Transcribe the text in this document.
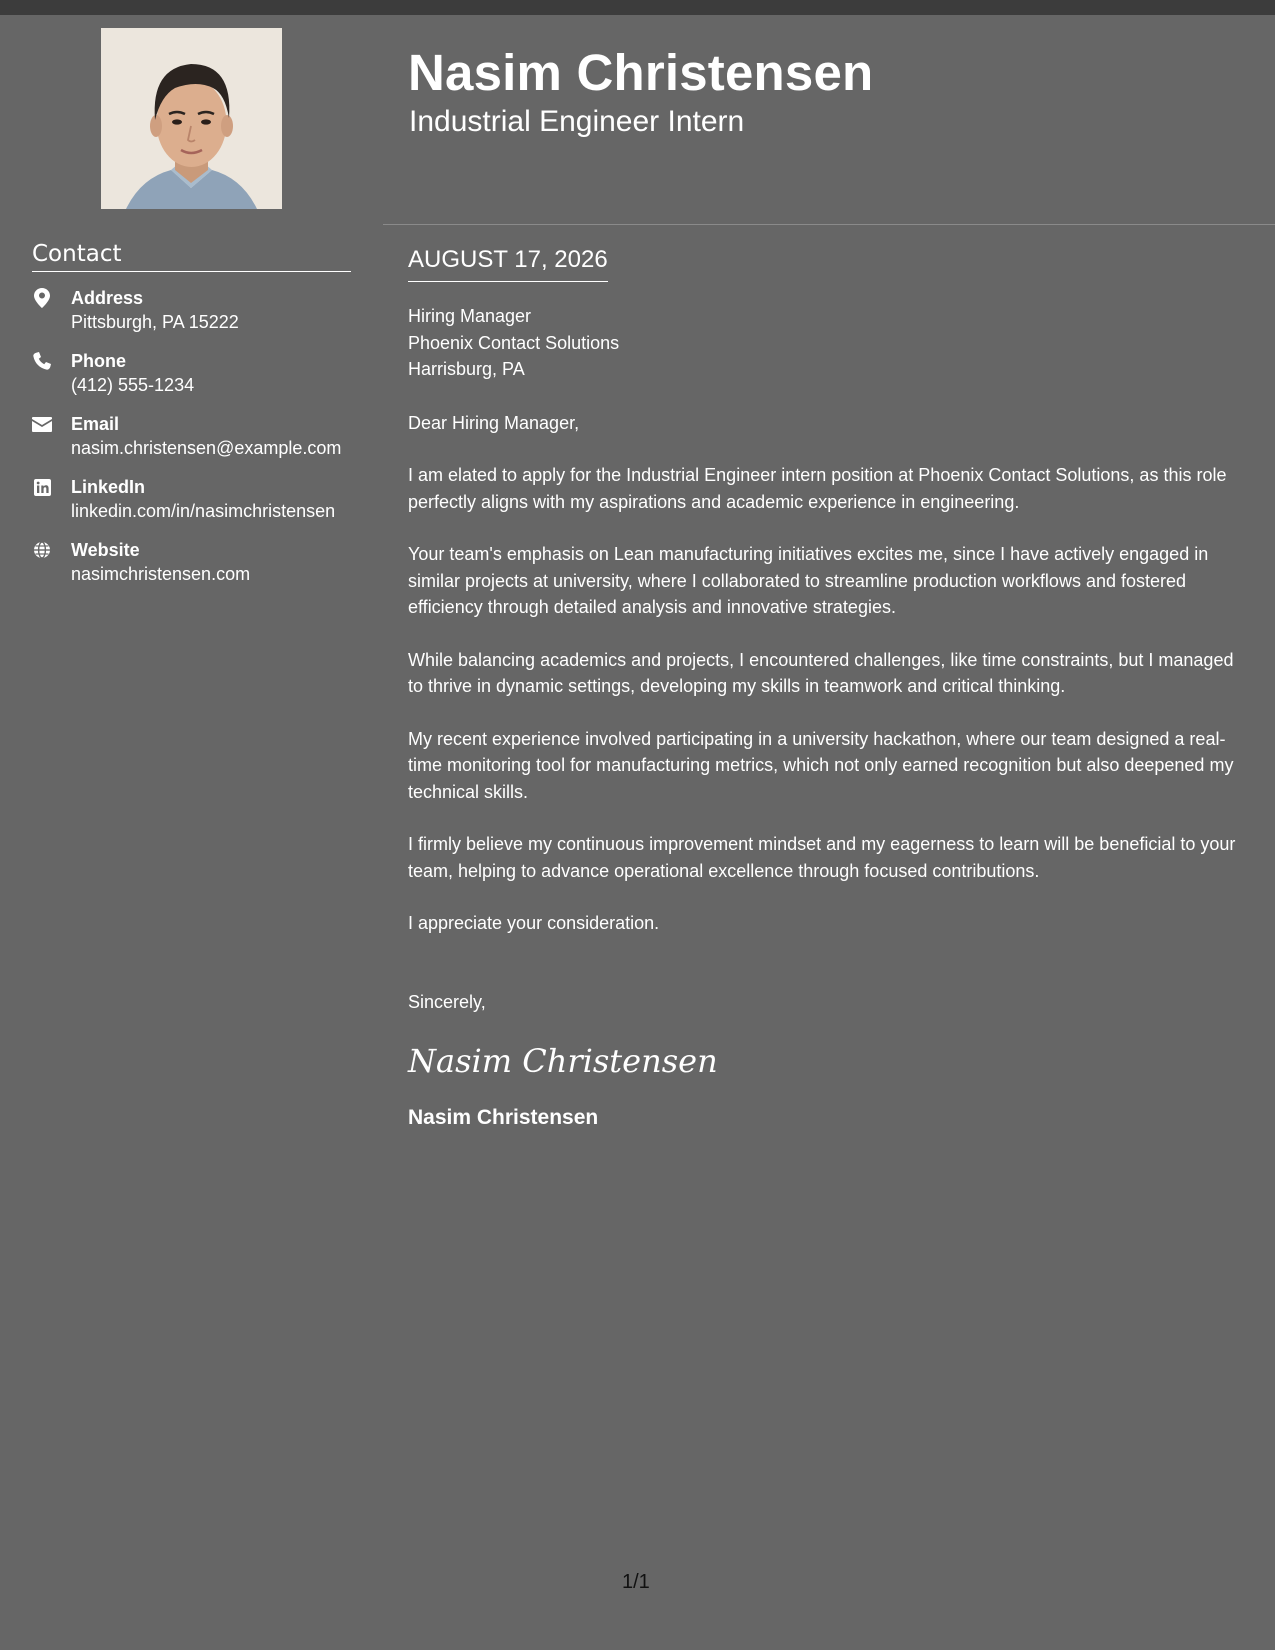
Contact
Address
Pittsburgh, PA 15222
Phone
(412) 555-1234
Email
nasim.christensen@example.com
LinkedIn
linkedin.com/in/nasimchristensen
Website
nasimchristensen.com
Nasim Christensen
Industrial Engineer Intern
AUGUST 17, 2026
Hiring Manager
Phoenix Contact Solutions
Harrisburg, PA

Dear Hiring Manager,

I am elated to apply for the Industrial Engineer intern position at Phoenix Contact Solutions, as this role perfectly aligns with my aspirations and academic experience in engineering.

Your team's emphasis on Lean manufacturing initiatives excites me, since I have actively engaged in similar projects at university, where I collaborated to streamline production workflows and fostered efficiency through detailed analysis and innovative strategies.

While balancing academics and projects, I encountered challenges, like time constraints, but I managed to thrive in dynamic settings, developing my skills in teamwork and critical thinking.

My recent experience involved participating in a university hackathon, where our team designed a real-time monitoring tool for manufacturing metrics, which not only earned recognition but also deepened my technical skills.

I firmly believe my continuous improvement mindset and my eagerness to learn will be beneficial to your team, helping to advance operational excellence through focused contributions.

I appreciate your consideration.

Sincerely,

Nasim Christensen

Nasim Christensen

1/1
